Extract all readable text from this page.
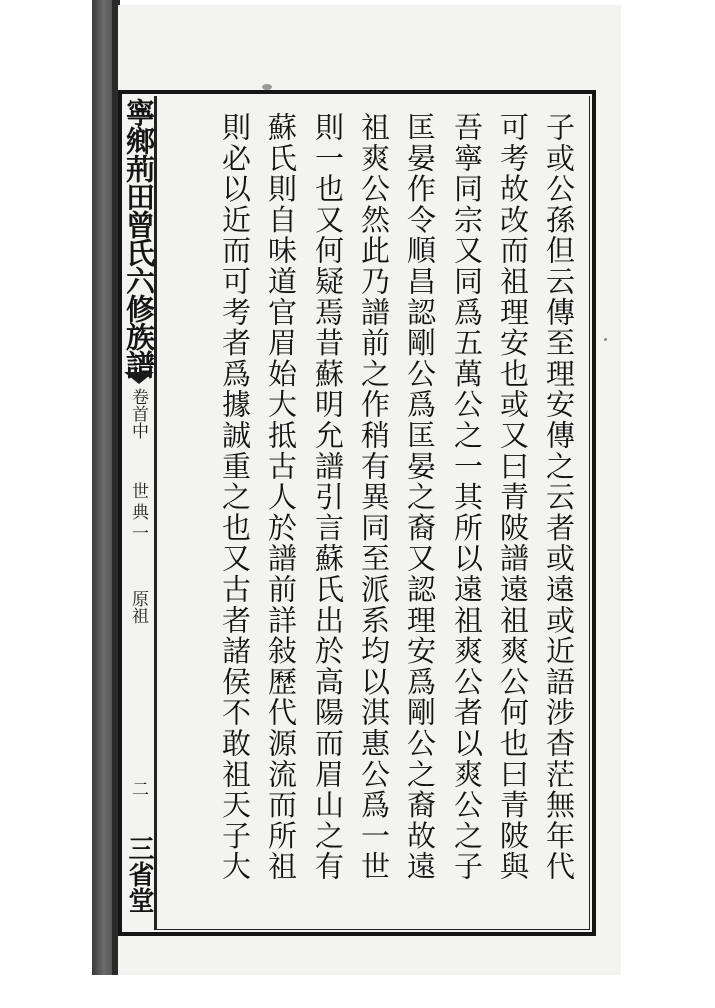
寧鄉荊田曾氏六修族譜
卷首中
世典一
原祖
二
三省堂	子或公孫但云傳至理安傳之云者或遠或近語涉杳茫無年代
可考故改而祖理安也或又曰青陂譜遠祖爽公何也曰青陂與
吾寧同宗又同爲五萬公之一其所以遠祖爽公者以爽公之子
匡晏作令順昌認剛公爲匡晏之裔又認理安爲剛公之裔故遠
祖爽公然此乃譜前之作稍有異同至派系均以淇惠公爲一世
則一也又何疑焉昔蘇明允譜引言蘇氏出於高陽而眉山之有
蘇氏則自味道官眉始大抵古人於譜前詳敍歷代源流而所祖
則必以近而可考者爲據誠重之也又古者諸侯不敢祖天子大
